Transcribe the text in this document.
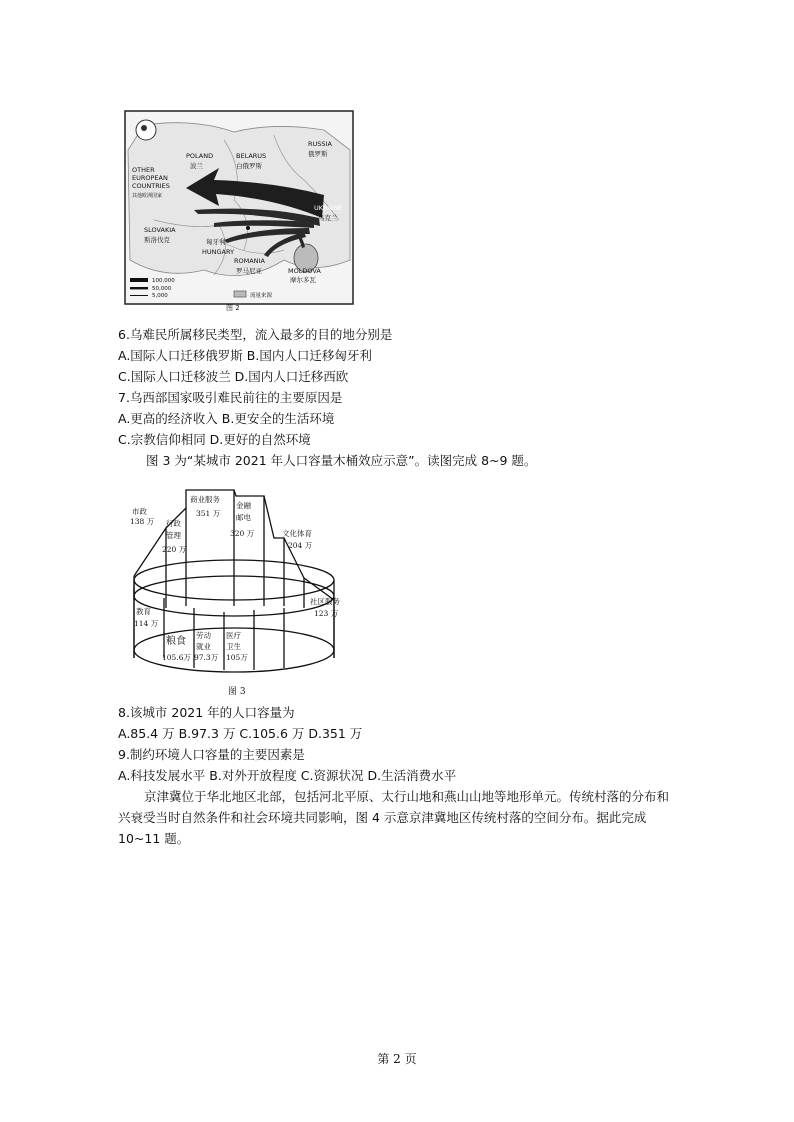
RUSSIA
俄罗斯
POLAND
波兰
BELARUS
白俄罗斯
OTHER
EUROPEAN
COUNTRIES
其他欧洲国家
UKRAINE
乌克兰
SLOVAKIA
斯洛伐克	匈牙利
HUNGARY
ROMANIA
罗马尼亚	MOLDOVA
摩尔多瓦
100,000
50,000
5,000	流量来源
图 2
6.乌难民所属移民类型，流入最多的目的地分别是
A.国际人口迁移俄罗斯 B.国内人口迁移匈牙利
C.国际人口迁移波兰 D.国内人口迁移西欧
7.乌西部国家吸引难民前往的主要原因是
A.更高的经济收入 B.更安全的生活环境
C.宗教信仰相同 D.更好的自然环境
图 3 为“某城市 2021 年人口容量木桶效应示意”。读图完成 8~9 题。
市政
138 万 行政
管理
220 万
商业服务
351 万
金融
邮电
320 万	文化体育
204 万
社区服务
123 万
教育
114 万
粮食
105.6万
劳动
就业
97.3万
医疗
卫生
105万
图 3
8.该城市 2021 年的人口容量为
A.85.4 万 B.97.3 万 C.105.6 万 D.351 万
9.制约环境人口容量的主要因素是
A.科技发展水平 B.对外开放程度 C.资源状况 D.生活消费水平
京津冀位于华北地区北部，包括河北平原、太行山地和燕山山地等地形单元。传统村落的分布和兴衰受当时自然条件和社会环境共同影响，图 4 示意京津冀地区传统村落的空间分布。据此完成 10~11 题。
第 2 页
